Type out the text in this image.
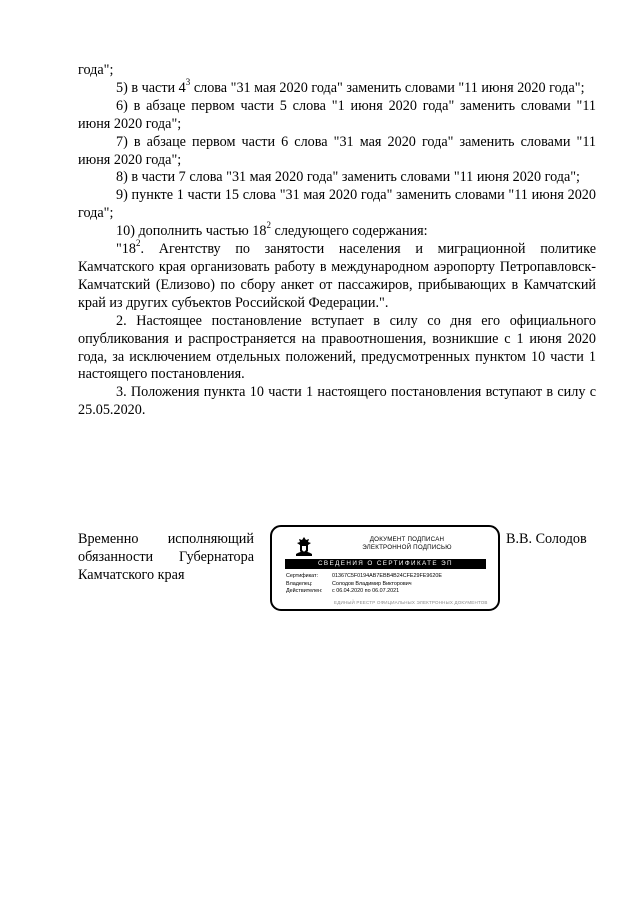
года";

5) в части $4^3$ слова "31 мая 2020 года" заменить словами "11 июня 2020 года";

6) в абзаце первом части 5 слова "1 июня 2020 года" заменить словами "11 июня 2020 года";

7) в абзаце первом части 6 слова "31 мая 2020 года" заменить словами "11 июня 2020 года";

8) в части 7 слова "31 мая 2020 года" заменить словами "11 июня 2020 года";

9) пункте 1 части 15 слова "31 мая 2020 года" заменить словами "11 июня 2020 года";

10) дополнить частью $18^2$ следующего содержания:

"$18^2$. Агентству по занятости населения и миграционной политике Камчатского края организовать работу в международном аэропорту Петропавловск-Камчатский (Елизово) по сбору анкет от пассажиров, прибывающих в Камчатский край из других субъектов Российской Федерации.".

2. Настоящее постановление вступает в силу со дня его официального опубликования и распространяется на правоотношения, возникшие с 1 июня 2020 года, за исключением отдельных положений, предусмотренных пунктом 10 части 1 настоящего постановления.

3. Положения пункта 10 части 1 настоящего постановления вступают в силу с 25.05.2020.

Временно исполняющий
обязанности Губернатора
Камчатского края
ДОКУМЕНТ ПОДПИСАН
ЭЛЕКТРОННОЙ ПОДПИСЬЮ
СВЕДЕНИЯ О СЕРТИФИКАТЕ ЭП
Сертификат:	01367C5F0194AB7EBB4B24CFE29FE9620E
Владелец:	Солодов Владимир Викторович
Действителен: с 06.04.2020 по 06.07.2021
ЕДИНЫЙ РЕЕСТР ОФИЦИАЛЬНЫХ ЭЛЕКТРОННЫХ ДОКУМЕНТОВ
В.В. Солодов
